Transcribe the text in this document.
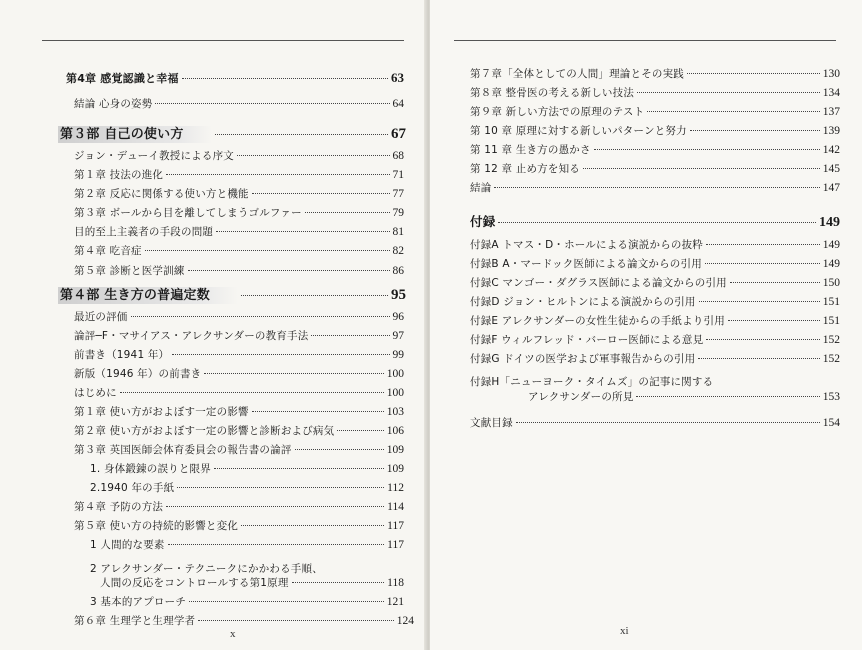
第4章 感覚認識と幸福	63
結論 心身の姿勢	64
第３部 自己の使い方	67
ジョン・デューイ教授による序文	68
第１章 技法の進化	71
第２章 反応に関係する使い方と機能	77
第３章 ボールから目を離してしまうゴルファー	79
目的至上主義者の手段の問題	81
第４章 吃音症	82
第５章 診断と医学訓練	86
第４部 生き方の普遍定数	95
最近の評価	96
論評─F・マサイアス・アレクサンダーの教育手法	97
前書き（1941 年）	99
新版（1946 年）の前書き	100
はじめに	100
第１章 使い方がおよぼす一定の影響	103
第２章 使い方がおよぼす一定の影響と診断および病気	106
第３章 英国医師会体育委員会の報告書の論評	109
1. 身体鍛錬の誤りと限界	109
2.1940 年の手紙	112
第４章 予防の方法	114
第５章 使い方の持続的影響と変化	117
1 人間的な要素	117
2 アレクサンダー・テクニークにかかわる手順、
人間の反応をコントロールする第1原理	118
3 基本的アプローチ	121
第６章 生理学と生理学者	124
x
第７章「全体としての人間」理論とその実践	130
第８章 整骨医の考える新しい技法	134
第９章 新しい方法での原理のテスト	137
第 10 章 原理に対する新しいパターンと努力	139
第 11 章 生き方の愚かさ	142
第 12 章 止め方を知る	145
結論	147
付録	149
付録A トマス・D・ホールによる演説からの抜粋	149
付録B A・マードック医師による論文からの引用	149
付録C マンゴー・ダグラス医師による論文からの引用	150
付録D ジョン・ヒルトンによる演説からの引用	151
付録E アレクサンダーの女性生徒からの手紙より引用	151
付録F ウィルフレッド・バーロー医師による意見	152
付録G ドイツの医学および軍事報告からの引用	152
付録H「ニューヨーク・タイムズ」の記事に関する
アレクサンダーの所見	153
文献目録	154
xi
